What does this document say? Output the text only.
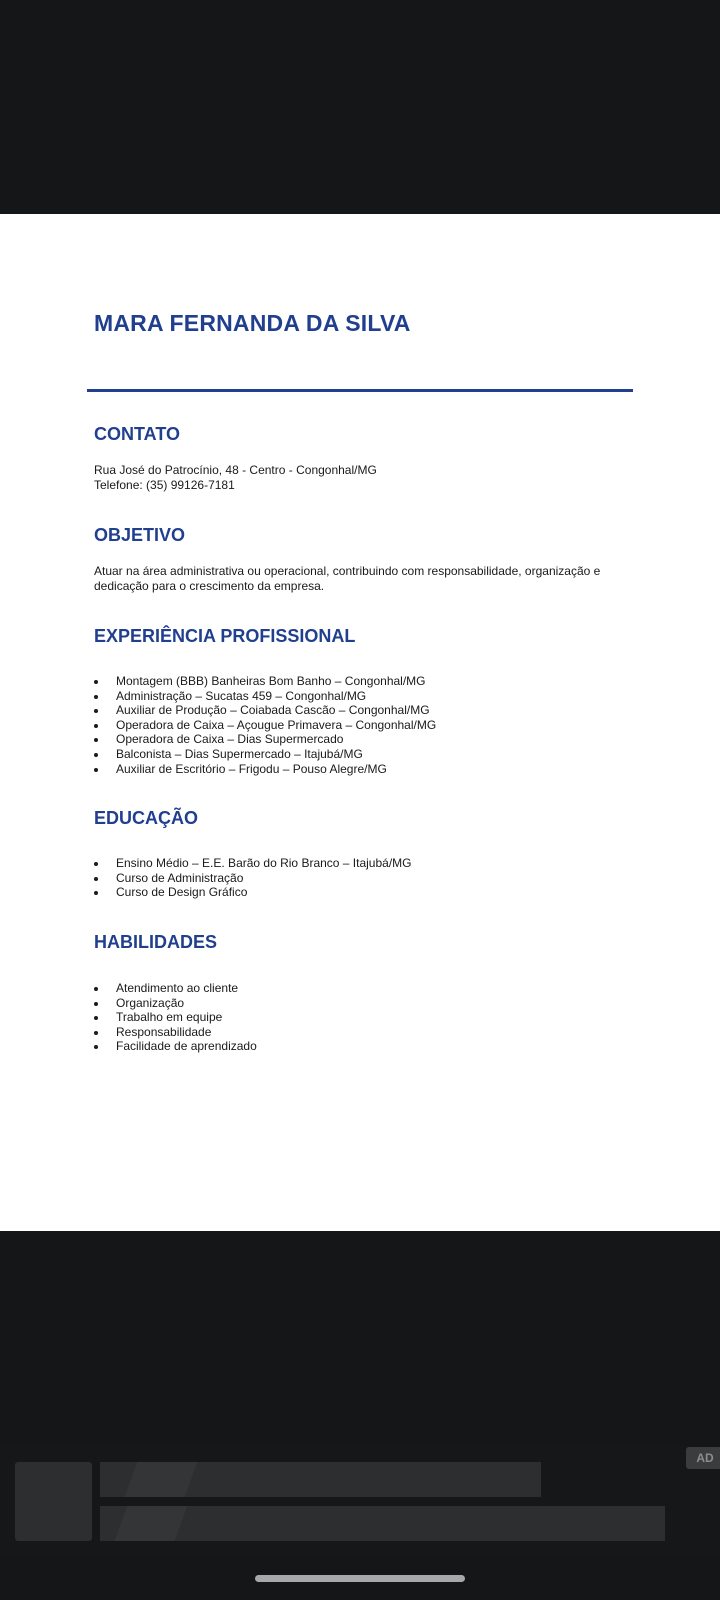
MARA FERNANDA DA SILVA
CONTATO

Rua José do Patrocínio, 48 - Centro - Congonhal/MG

Telefone: (35) 99126-7181

OBJETIVO

Atuar na área administrativa ou operacional, contribuindo com responsabilidade, organização e dedicação para o crescimento da empresa.

EXPERIÊNCIA PROFISSIONAL
Montagem (BBB) Banheiras Bom Banho – Congonhal/MG
Administração – Sucatas 459 – Congonhal/MG
Auxiliar de Produção – Coiabada Cascão – Congonhal/MG
Operadora de Caixa – Açougue Primavera – Congonhal/MG
Operadora de Caixa – Dias Supermercado
Balconista – Dias Supermercado – Itajubá/MG
Auxiliar de Escritório – Frigodu – Pouso Alegre/MG
EDUCAÇÃO
Ensino Médio – E.E. Barão do Rio Branco – Itajubá/MG
Curso de Administração
Curso de Design Gráfico
HABILIDADES
Atendimento ao cliente
Organização
Trabalho em equipe
Responsabilidade
Facilidade de aprendizado
AD
